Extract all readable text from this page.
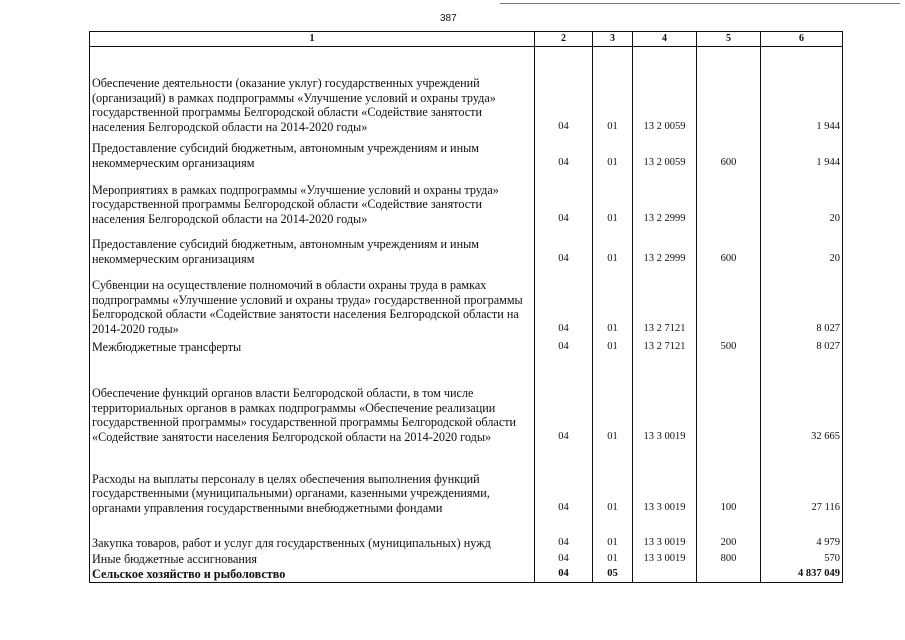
387
1	2	3	4	5	6
Обеспечение деятельности (оказание уклуг) государственных учреждений (организаций) в рамках подпрограммы «Улучшение условий и охраны труда» государственной программы Белгородской области «Содействие занятости населения Белгородской области на 2014-2020 годы»	04	01	13 2 0059		1 944
Предоставление субсидий бюджетным, автономным учреждениям и иным некоммерческим организациям	04	01	13 2 0059	600	1 944
Мероприятиях в рамках подпрограммы «Улучшение условий и охраны труда» государственной программы Белгородской области «Содействие занятости населения Белгородской области на 2014-2020 годы»	04	01	13 2 2999		20
Предоставление субсидий бюджетным, автономным учреждениям и иным некоммерческим организациям	04	01	13 2 2999	600	20
Субвенции на осуществление полномочий в области охраны труда в рамках подпрограммы «Улучшение условий и охраны труда» государственной программы Белгородской области «Содействие занятости населения Белгородской области на 2014-2020 годы»	04	01	13 2 7121		8 027
Межбюджетные трансферты	04	01	13 2 7121	500	8 027
Обеспечение функций органов власти Белгородской области, в том числе территориальных органов в рамках подпрограммы «Обеспечение реализации государственной программы» государственной программы Белгородской области «Содействие занятости населения Белгородской области на 2014-2020 годы»	04	01	13 3 0019		32 665
Расходы на выплаты персоналу в целях обеспечения выполнения функций государственными (муниципальными) органами, казенными учреждениями, органами управления государственными внебюджетными фондами	04	01	13 3 0019	100	27 116
Закупка товаров, работ и услуг для государственных (муниципальных) нужд	04	01	13 3 0019	200	4 979
Иные бюджетные ассигнования	04	01	13 3 0019	800	570
Сельское хозяйство и рыболовство	04	05			4 837 049
